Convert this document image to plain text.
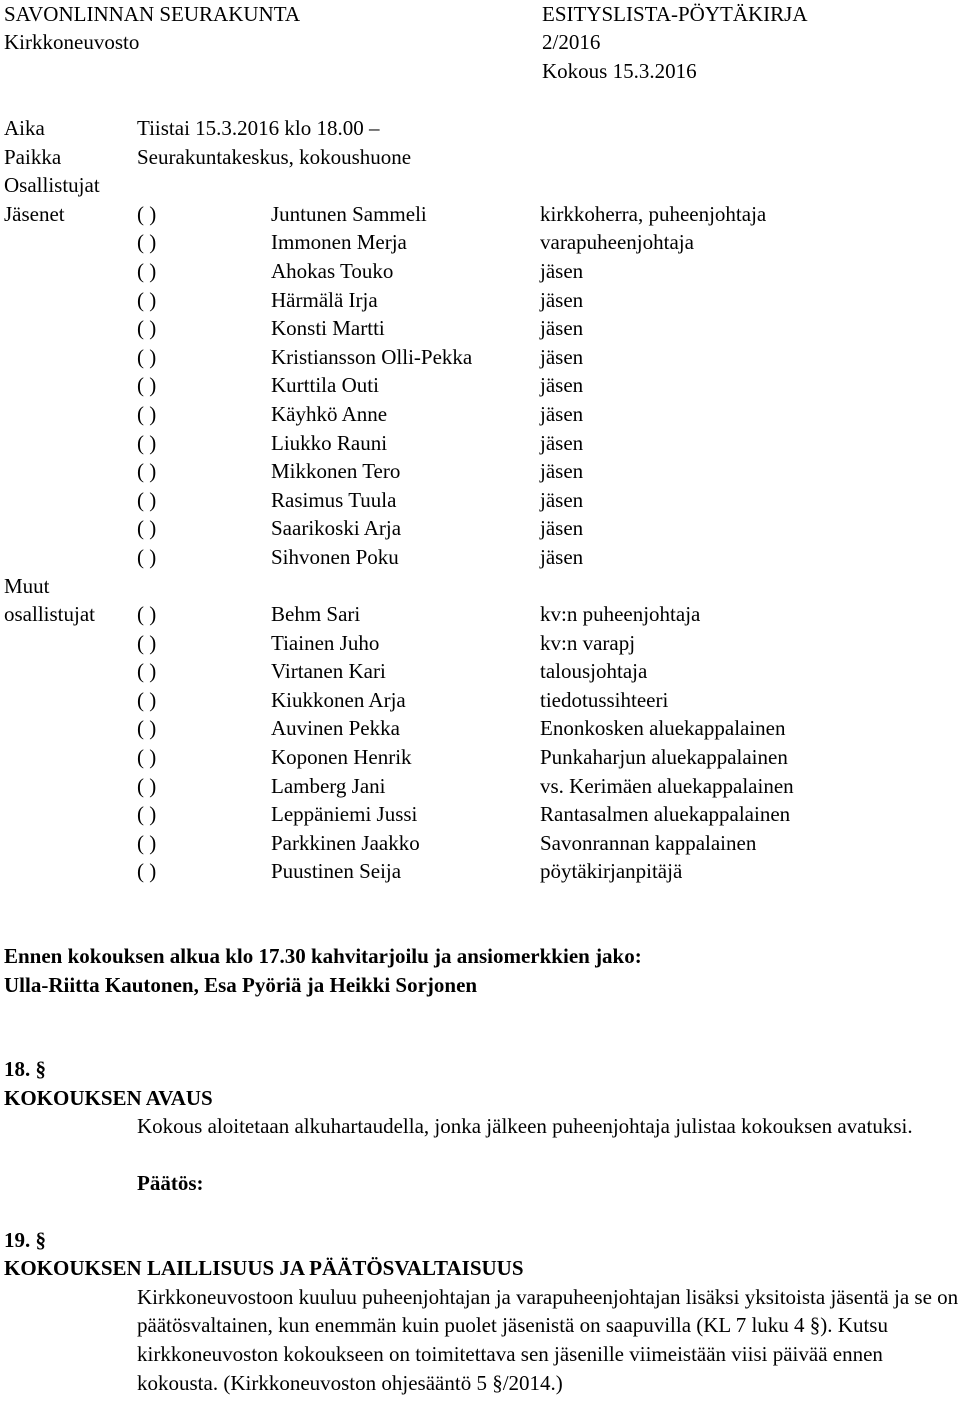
SAVONLINNAN SEURAKUNTA
Kirkkoneuvosto
ESITYSLISTA-PÖYTÄKIRJA
2/2016
Kokous 15.3.2016
Aika	Tiistai 15.3.2016 klo 18.00 –
Paikka	Seurakuntakeskus, kokoushuone
Osallistujat
Jäsenet	( )	Juntunen Sammeli	kirkkoherra, puheenjohtaja
( )	Immonen Merja	varapuheenjohtaja
( )	Ahokas Touko	jäsen
( )	Härmälä Irja	jäsen
( )	Konsti Martti	jäsen
( )	Kristiansson Olli-Pekka	jäsen
( )	Kurttila Outi	jäsen
( )	Käyhkö Anne	jäsen
( )	Liukko Rauni	jäsen
( )	Mikkonen Tero	jäsen
( )	Rasimus Tuula	jäsen
( )	Saarikoski Arja	jäsen
( )	Sihvonen Poku	jäsen
Muut
osallistujat ( )	Behm Sari	kv:n puheenjohtaja
( )	Tiainen Juho	kv:n varapj
( )	Virtanen Kari	talousjohtaja
( )	Kiukkonen Arja	tiedotussihteeri
( )	Auvinen Pekka	Enonkosken aluekappalainen
( )	Koponen Henrik	Punkaharjun aluekappalainen
( )	Lamberg Jani	vs. Kerimäen aluekappalainen
( )	Leppäniemi Jussi	Rantasalmen aluekappalainen
( )	Parkkinen Jaakko	Savonrannan kappalainen
( )	Puustinen Seija	pöytäkirjanpitäjä
Ennen kokouksen alkua klo 17.30 kahvitarjoilu ja ansiomerkkien jako:
Ulla-Riitta Kautonen, Esa Pyöriä ja Heikki Sorjonen
18. §
KOKOUKSEN AVAUS
Kokous aloitetaan alkuhartaudella, jonka jälkeen puheenjohtaja julistaa kokouksen avatuksi.
Päätös:
19. §
KOKOUKSEN LAILLISUUS JA PÄÄTÖSVALTAISUUS
Kirkkoneuvostoon kuuluu puheenjohtajan ja varapuheenjohtajan lisäksi yksitoista jäsentä ja se on päätösvaltainen, kun enemmän kuin puolet jäsenistä on saapuvilla (KL 7 luku 4 §). Kutsu kirkkoneuvoston kokoukseen on toimitettava sen jäsenille viimeistään viisi päivää ennen kokousta. (Kirkkoneuvoston ohjesääntö 5 §/2014.)
